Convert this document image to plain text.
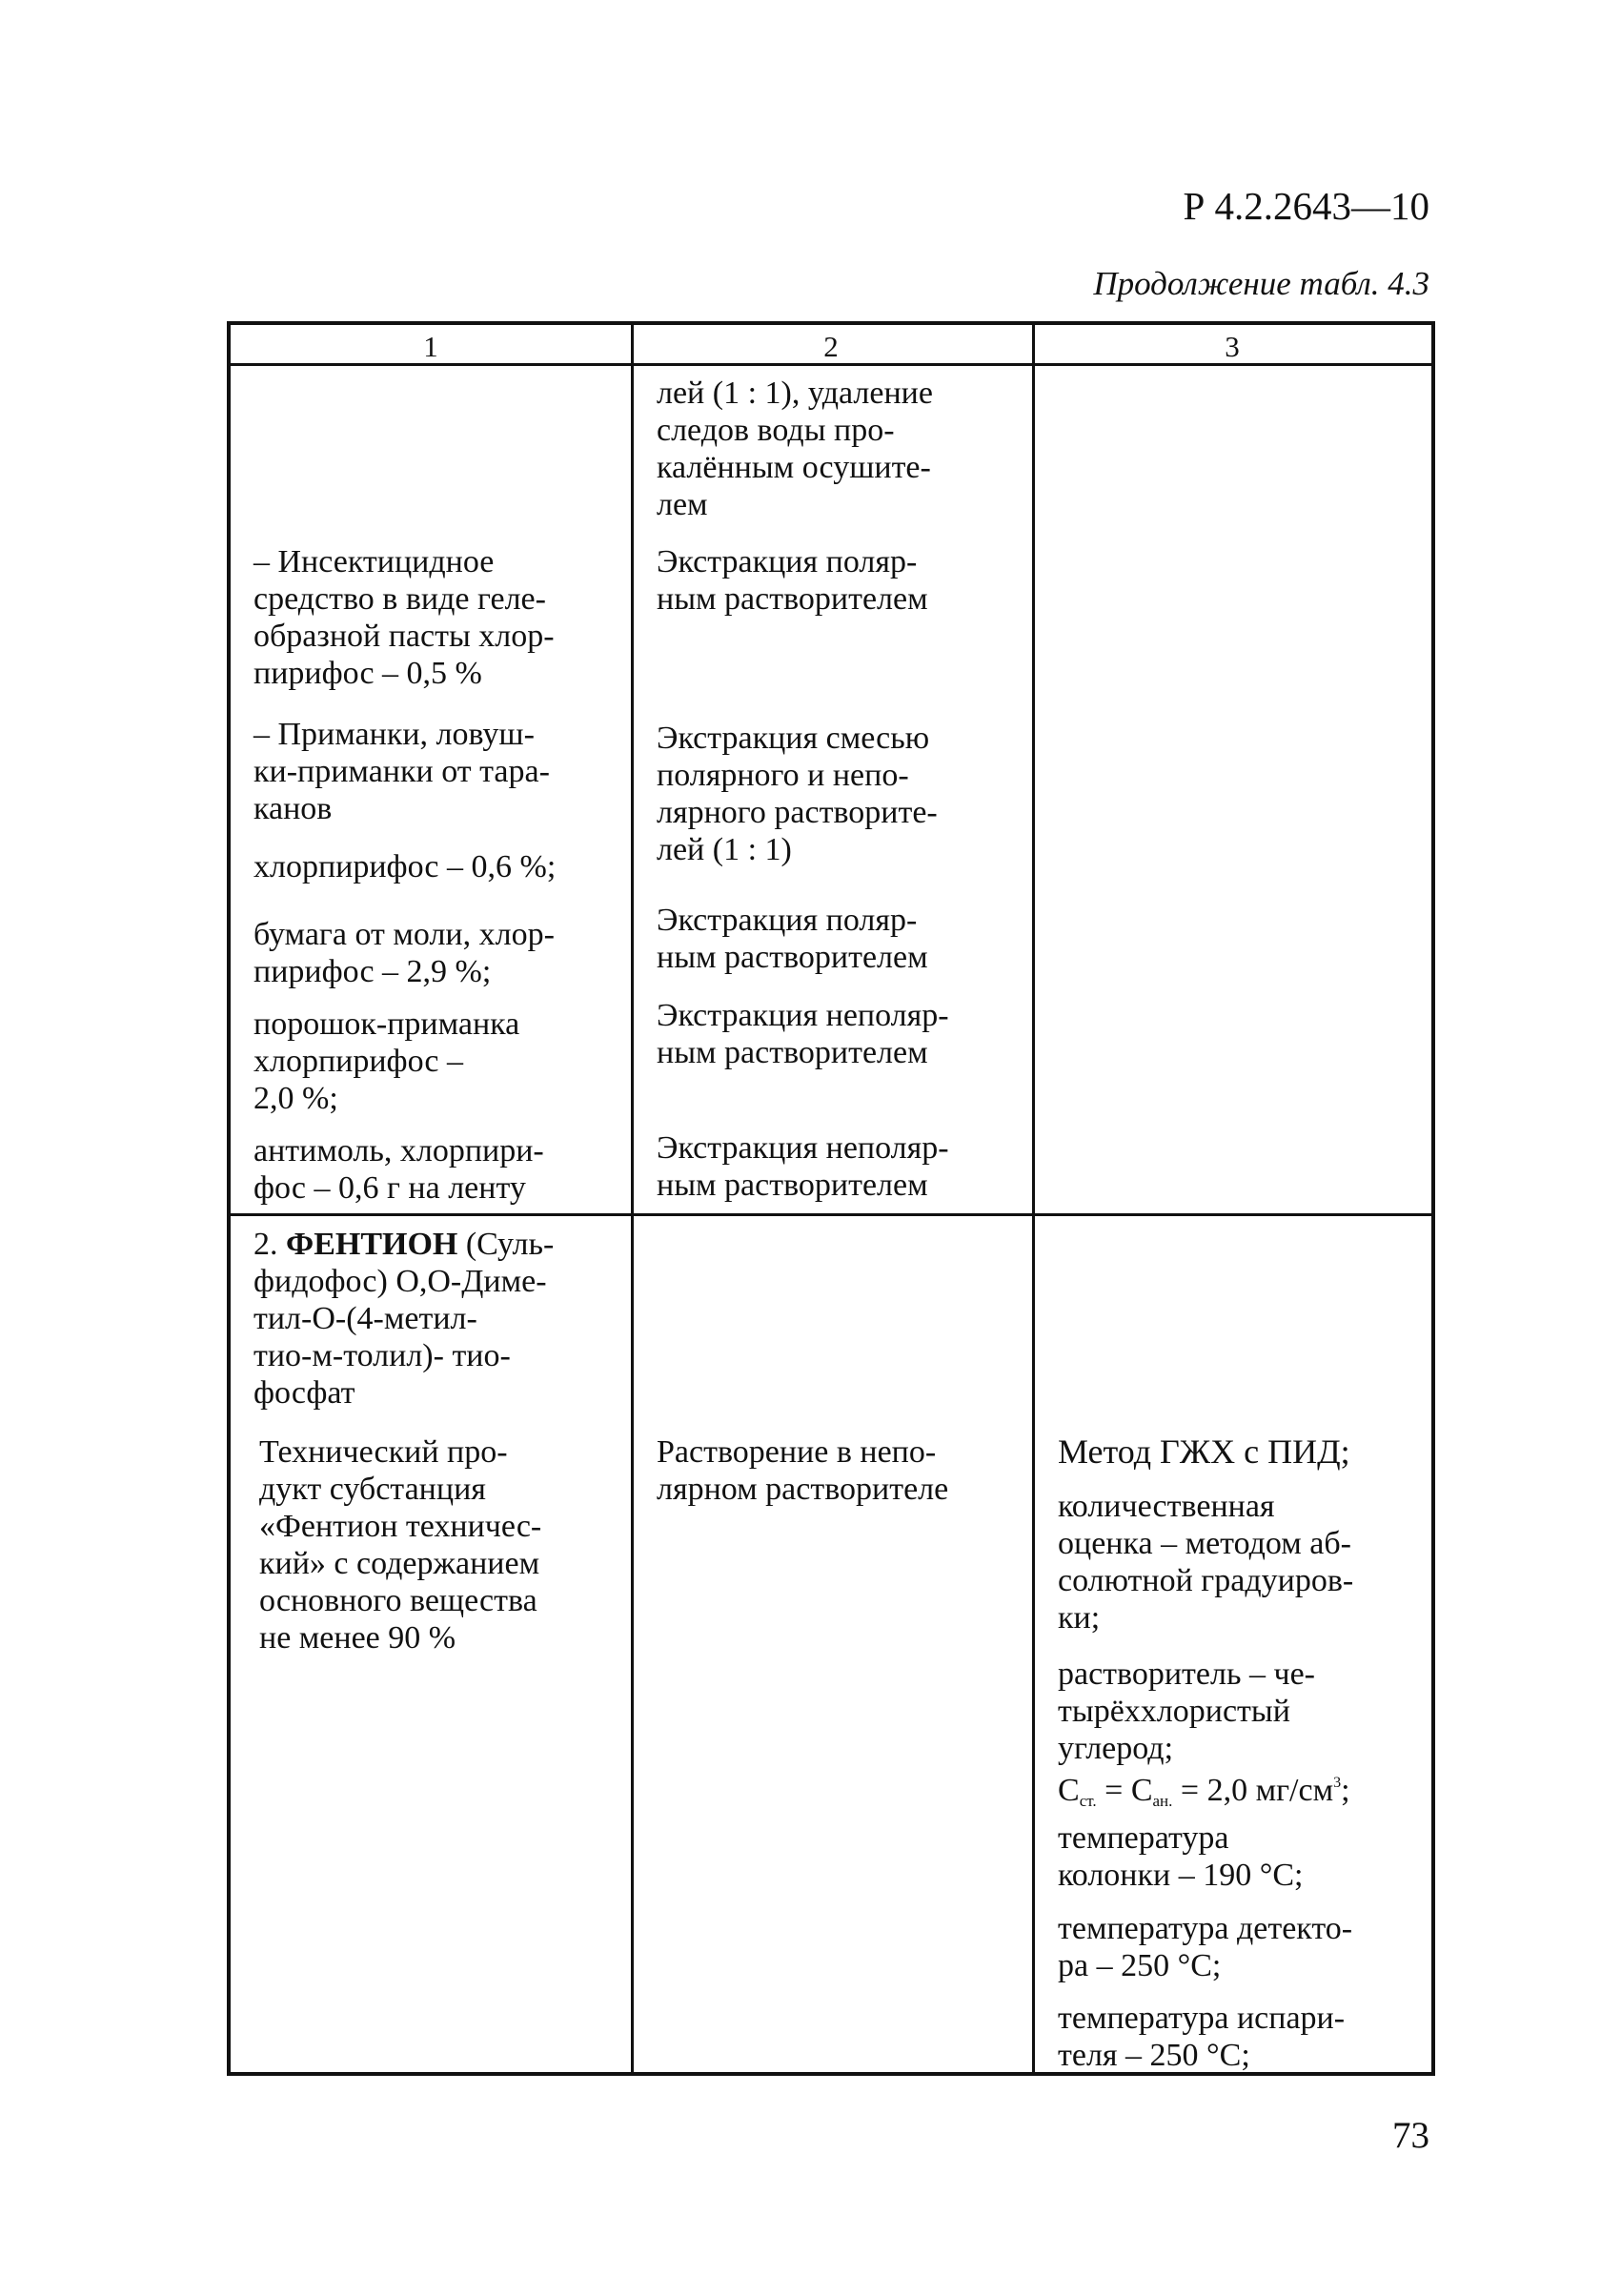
Р 4.2.2643—10
Продолжение табл. 4.3
1	2	3
– Инсектицидное
средство в виде геле-
образной пасты хлор-
пирифос – 0,5 %
– Приманки, ловуш-
ки-приманки от тара-
канов
хлорпирифос – 0,6 %;
бумага от моли, хлор-
пирифос – 2,9 %;
порошок-приманка
хлорпирифос –
2,0 %;
антимоль, хлорпири-
фос – 0,6 г на ленту
2. ФЕНТИОН (Суль-
фидофос) О,О-Димe-
тил-О-(4-метил-
тио-м-толил)- тио-
фосфат
Технический про-
дукт субстанция
«Фентион техничес-
кий» с содержанием
основного вещества
не менее 90 %
лей (1 : 1), удаление
следов воды про-
калённым осушите-
лем
Экстракция поляр-
ным растворителем
Экстракция смесью
полярного и непо-
лярного растворите-
лей (1 : 1)
Экстракция поляр-
ным растворителем
Экстракция неполяр-
ным растворителем
Экстракция неполяр-
ным растворителем
Растворение в непо-
лярном растворителе
Метод ГЖХ с ПИД;
количественная
оценка – методом аб-
солютной градуиров-
ки;
растворитель – че-
тырёххлористый
углерод;
$С_{ст.} = С_{ан.} = 2,0$ $мг/см^3$;
температура
колонки – 190 °С;
температура детекто-
ра – 250 °С;
температура испари-
теля – 250 °С;
73
